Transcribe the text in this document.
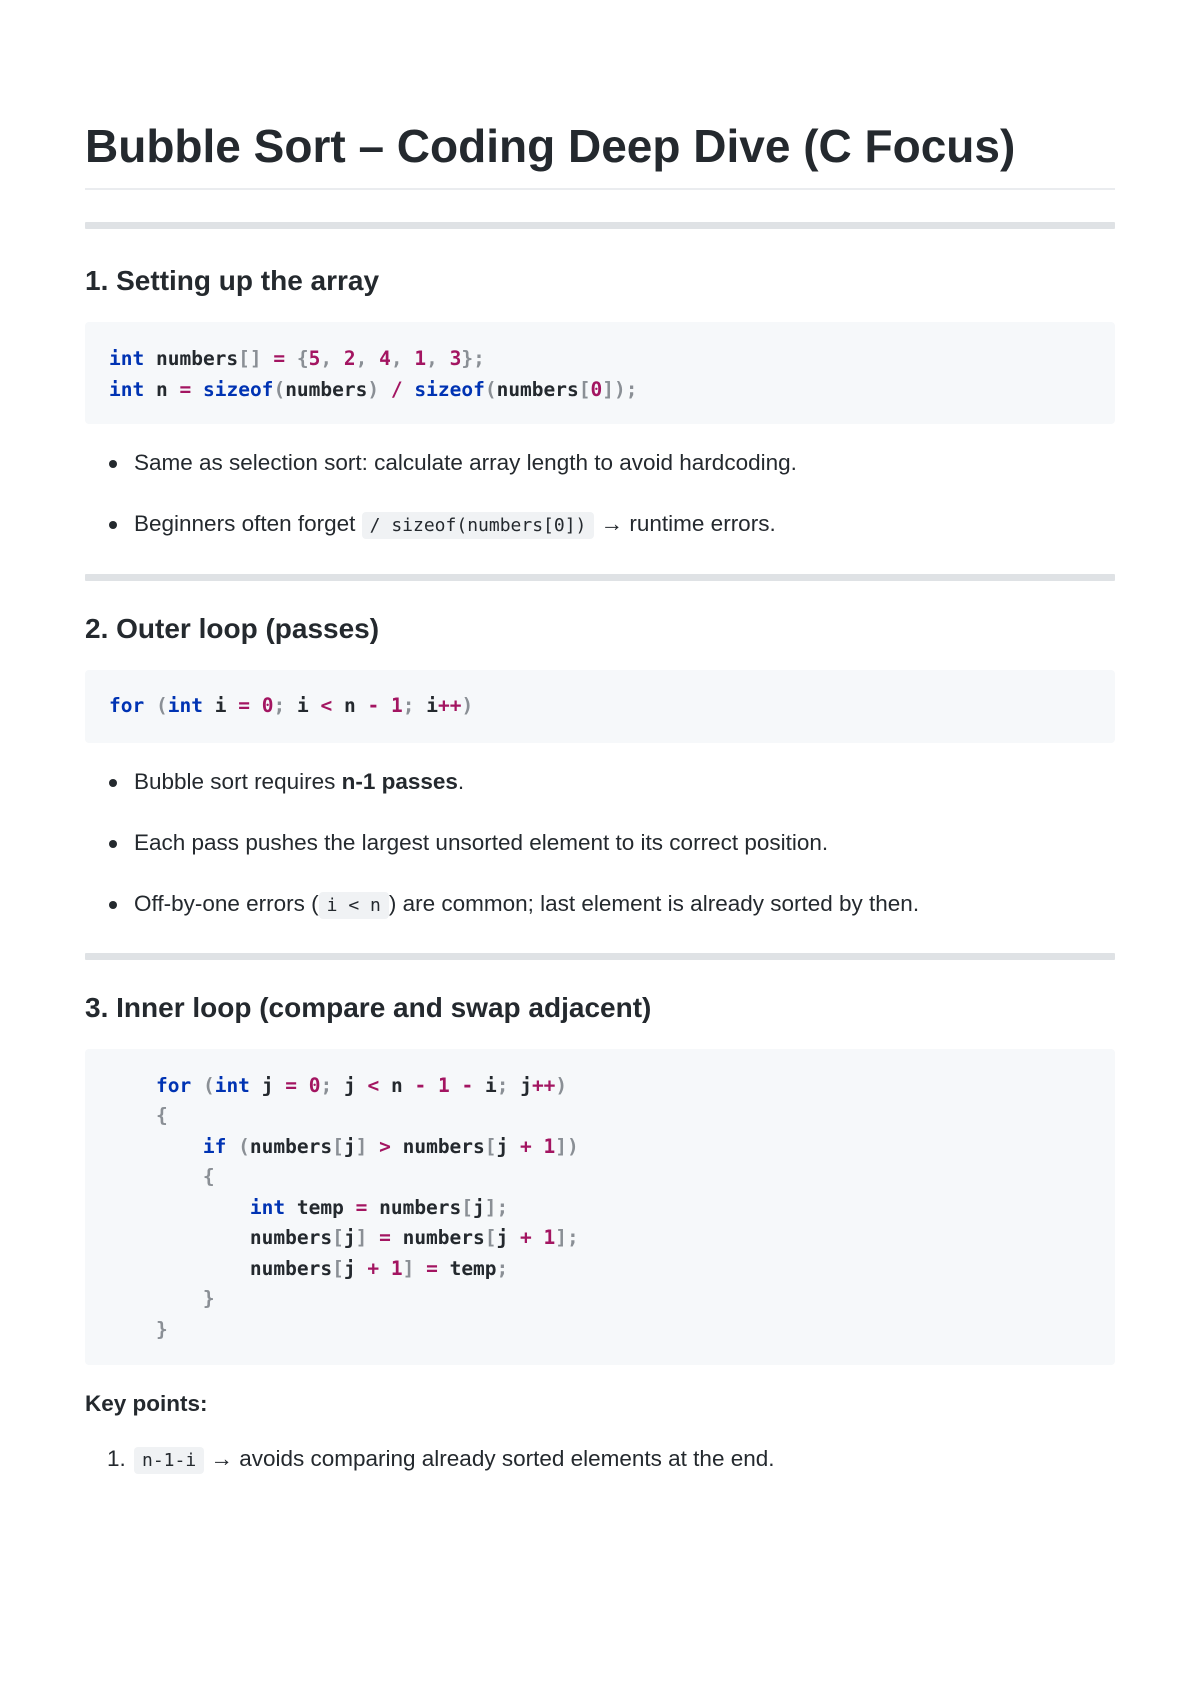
Bubble Sort – Coding Deep Dive (C Focus)
1. Setting up the array
int numbers[] = {5, 2, 4, 1, 3};
int n = sizeof(numbers) / sizeof(numbers[0]);
Same as selection sort: calculate array length to avoid hardcoding.
Beginners often forget / sizeof(numbers[0]) → runtime errors.
2. Outer loop (passes)
for (int i = 0; i < n - 1; i++)
Bubble sort requires n-1 passes.
Each pass pushes the largest unsorted element to its correct position.
Off-by-one errors ( i < n ) are common; last element is already sorted by then.
3. Inner loop (compare and swap adjacent)
for (int j = 0; j < n - 1 - i; j++)
{
if (numbers[j] > numbers[j + 1])
{
int temp = numbers[j];
numbers[j] = numbers[j + 1];
numbers[j + 1] = temp;
}
}
Key points:
1. n-1-i → avoids comparing already sorted elements at the end.
